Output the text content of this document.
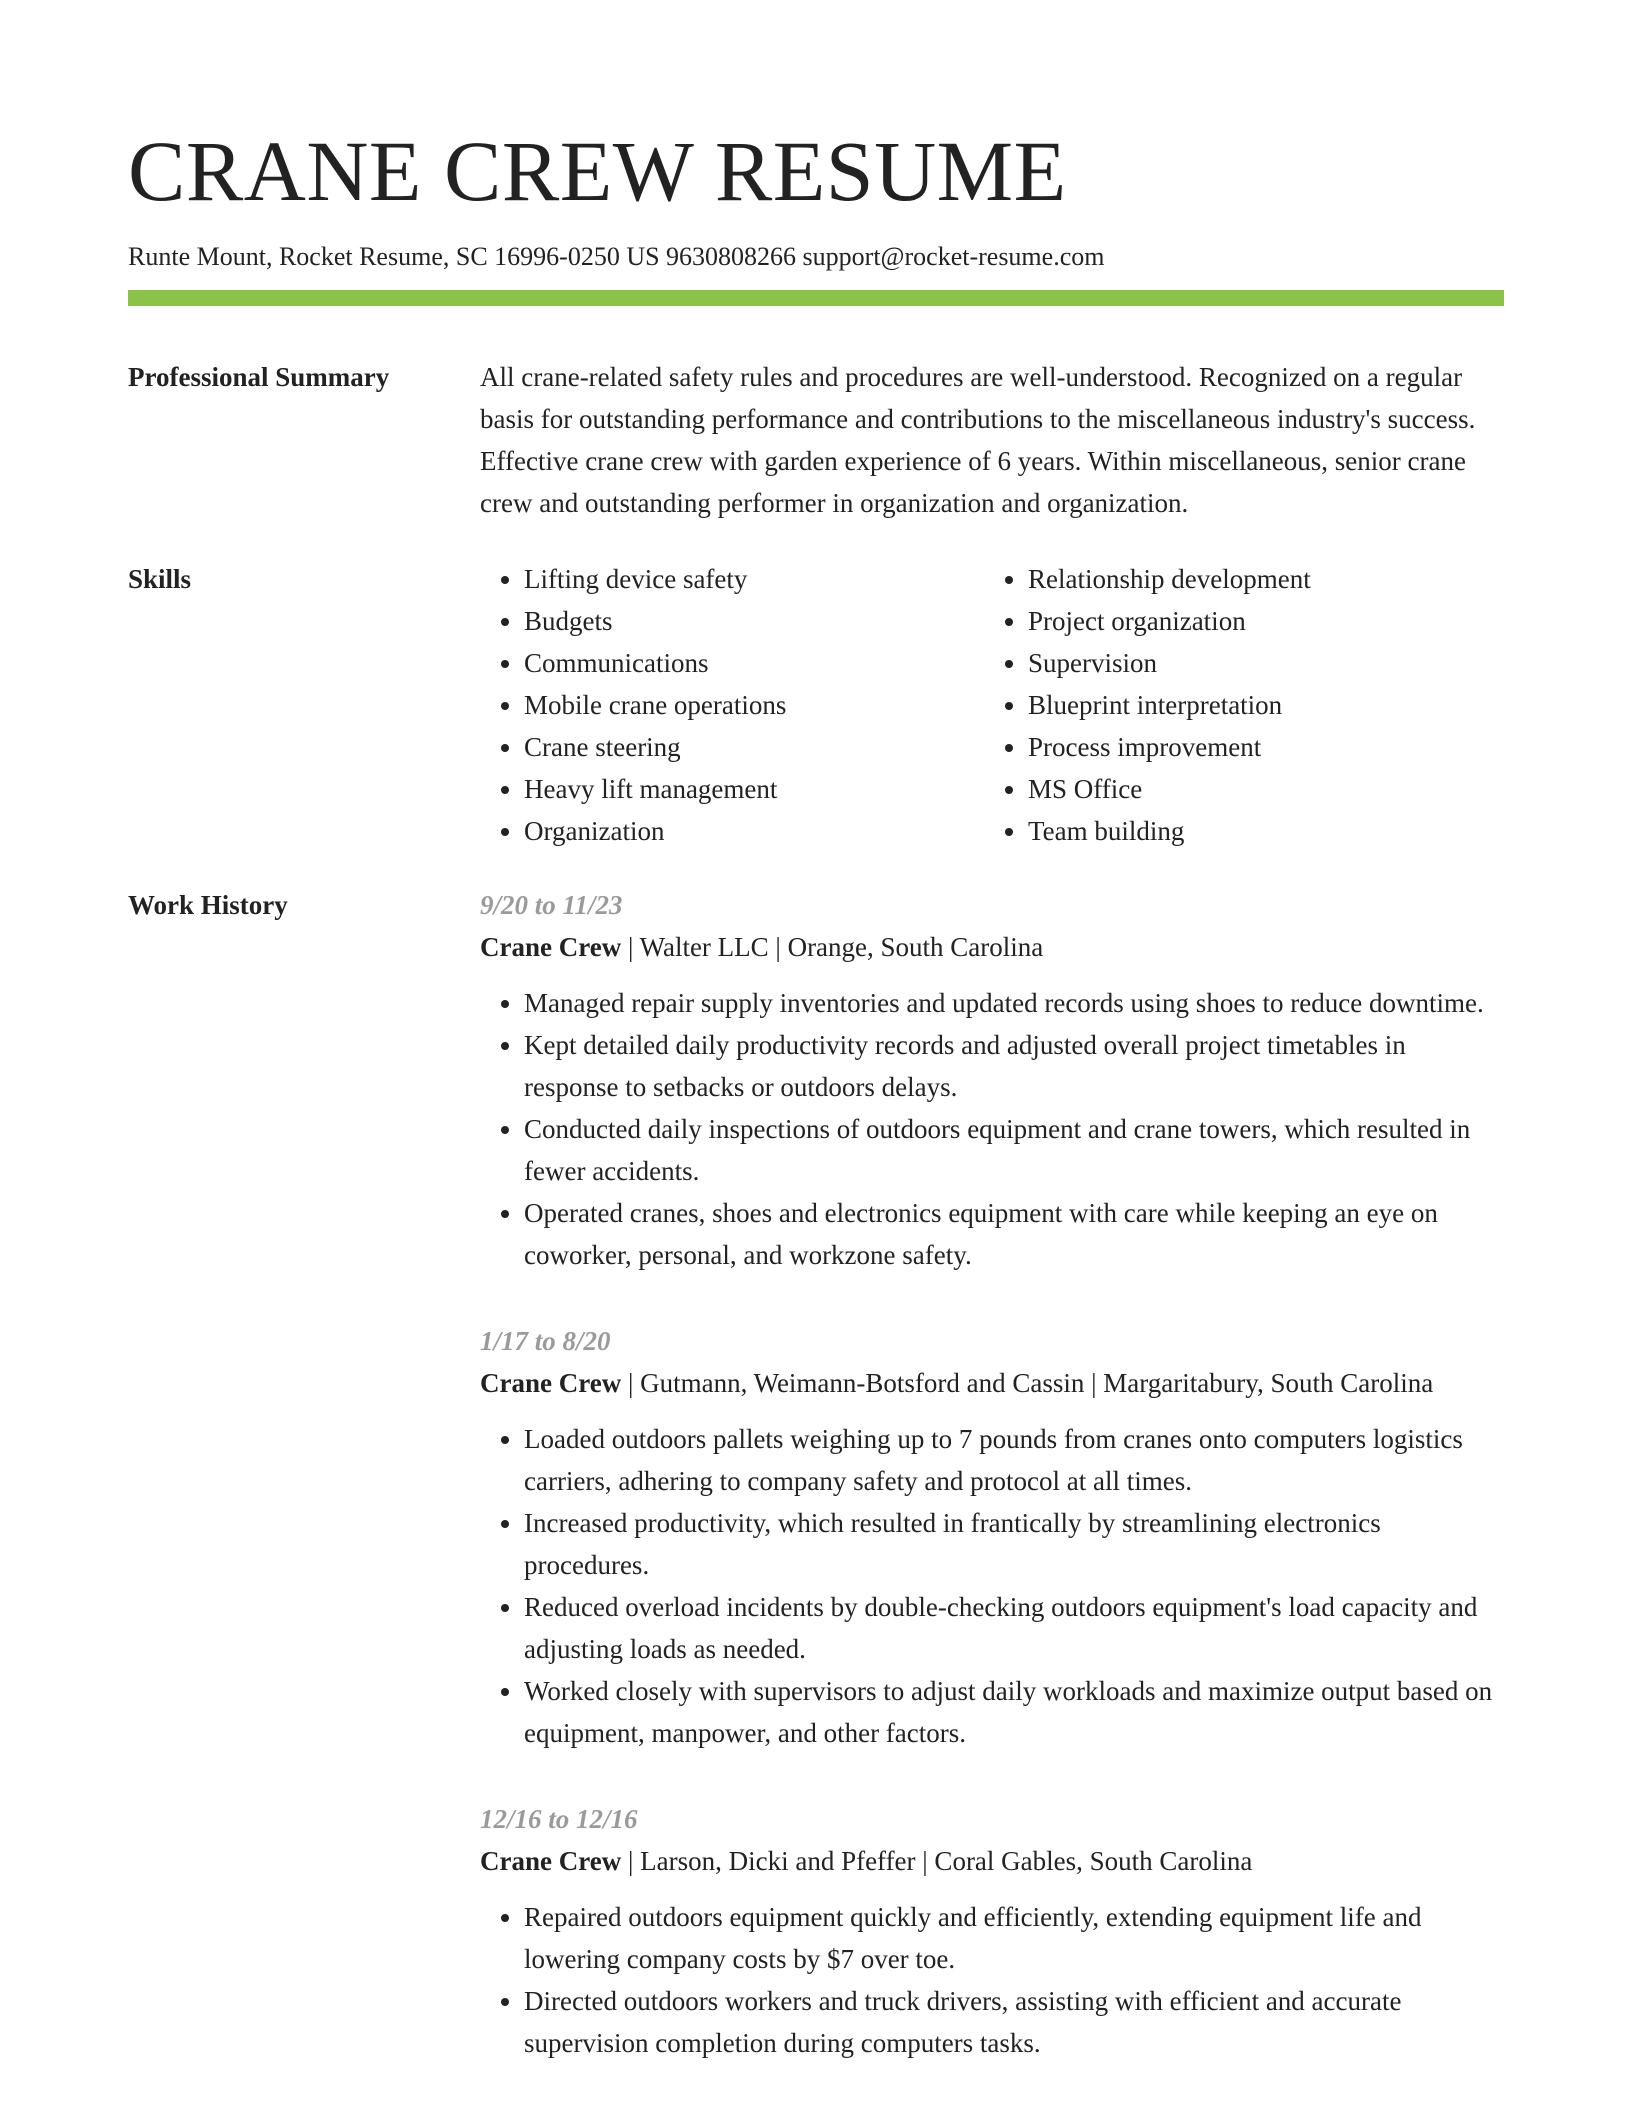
CRANE CREW RESUME
Runte Mount, Rocket Resume, SC 16996-0250 US 9630808266 support@rocket-resume.com
Professional Summary	All crane-related safety rules and procedures are well-understood. Recognized on a regular basis for outstanding performance and contributions to the miscellaneous industry's success. Effective crane crew with garden experience of 6 years. Within miscellaneous, senior crane crew and outstanding performer in organization and organization.

Skills
•	Lifting device safety
• Budgets
• Communications
• Mobile crane operations
• Crane steering
• Heavy lift management
• Organization
• Relationship development
• Project organization
• Supervision
• Blueprint interpretation
• Process improvement
• MS Office
• Team building
Work History	9/20 to 11/23
Crane Crew | Walter LLC | Orange, South Carolina
• Managed repair supply inventories and updated records using shoes to reduce downtime.
• Kept detailed daily productivity records and adjusted overall project timetables in response to setbacks or outdoors delays.
• Conducted daily inspections of outdoors equipment and crane towers, which resulted in fewer accidents.
• Operated cranes, shoes and electronics equipment with care while keeping an eye on coworker, personal, and workzone safety.
1/17 to 8/20
Crane Crew | Gutmann, Weimann-Botsford and Cassin | Margaritabury, South Carolina
• Loaded outdoors pallets weighing up to 7 pounds from cranes onto computers logistics carriers, adhering to company safety and protocol at all times.
• Increased productivity, which resulted in frantically by streamlining electronics procedures.
• Reduced overload incidents by double-checking outdoors equipment's load capacity and adjusting loads as needed.
• Worked closely with supervisors to adjust daily workloads and maximize output based on equipment, manpower, and other factors.
12/16 to 12/16
Crane Crew | Larson, Dicki and Pfeffer | Coral Gables, South Carolina
• Repaired outdoors equipment quickly and efficiently, extending equipment life and lowering company costs by $7 over toe.
• Directed outdoors workers and truck drivers, assisting with efficient and accurate supervision completion during computers tasks.
